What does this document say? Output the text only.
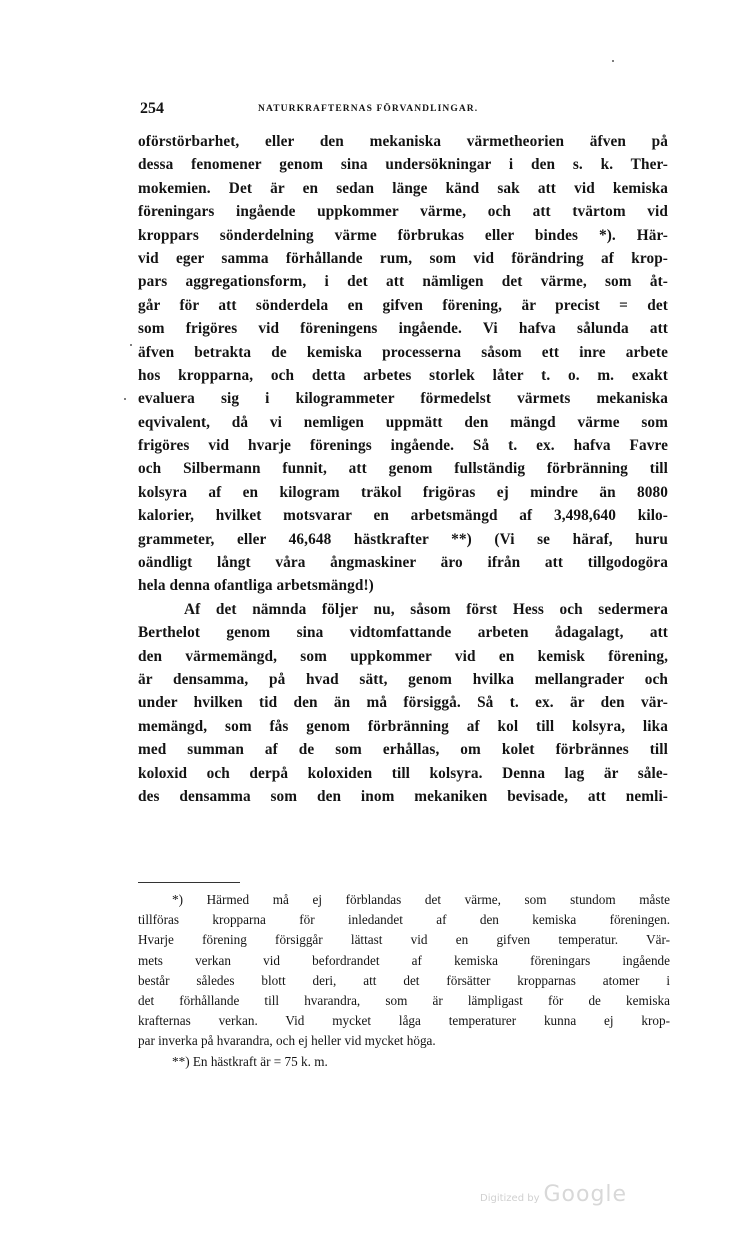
254	NATURKRAFTERNAS FÖRVANDLINGAR.
oförstörbarhet, eller den mekaniska värmetheorien äfven på
dessa fenomener genom sina undersökningar i den s. k. Ther-
mokemien. Det är en sedan länge känd sak att vid kemiska
föreningars ingående uppkommer värme, och att tvärtom vid
kroppars sönderdelning värme förbrukas eller bindes *). Här-
vid eger samma förhållande rum, som vid förändring af krop-
pars aggregationsform, i det att nämligen det värme, som åt-
går för att sönderdela en gifven förening, är precist = det
som frigöres vid föreningens ingående. Vi hafva sålunda att
äfven betrakta de kemiska processerna såsom ett inre arbete
hos kropparna, och detta arbetes storlek låter t. o. m. exakt
evaluera sig i kilogrammeter förmedelst värmets mekaniska
eqvivalent, då vi nemligen uppmätt den mängd värme som
frigöres vid hvarje förenings ingående. Så t. ex. hafva Favre
och Silbermann funnit, att genom fullständig förbränning till
kolsyra af en kilogram träkol frigöras ej mindre än 8080
kalorier, hvilket motsvarar en arbetsmängd af 3,498,640 kilo-
grammeter, eller 46,648 hästkrafter **) (Vi se häraf, huru
oändligt långt våra ångmaskiner äro ifrån att tillgodogöra
hela denna ofantliga arbetsmängd!)
Af det nämnda följer nu, såsom först Hess och sedermera
Berthelot genom sina vidtomfattande arbeten ådagalagt, att
den värmemängd, som uppkommer vid en kemisk förening,
är densamma, på hvad sätt, genom hvilka mellangrader och
under hvilken tid den än må försiggå. Så t. ex. är den vär-
memängd, som fås genom förbränning af kol till kolsyra, lika
med summan af de som erhållas, om kolet förbrännes till
koloxid och derpå koloxiden till kolsyra. Denna lag är såle-
des densamma som den inom mekaniken bevisade, att nemli-
*) Härmed må ej förblandas det värme, som stundom måste
tillföras kropparna för inledandet af den kemiska föreningen.
Hvarje förening försiggår lättast vid en gifven temperatur. Vär-
mets verkan vid befordrandet af kemiska föreningars ingående
består således blott deri, att det försätter kropparnas atomer i
det förhållande till hvarandra, som är lämpligast för de kemiska
krafternas verkan. Vid mycket låga temperaturer kunna ej krop-
par inverka på hvarandra, och ej heller vid mycket höga.
**) En hästkraft är = 75 k. m.
Digitized by Google
